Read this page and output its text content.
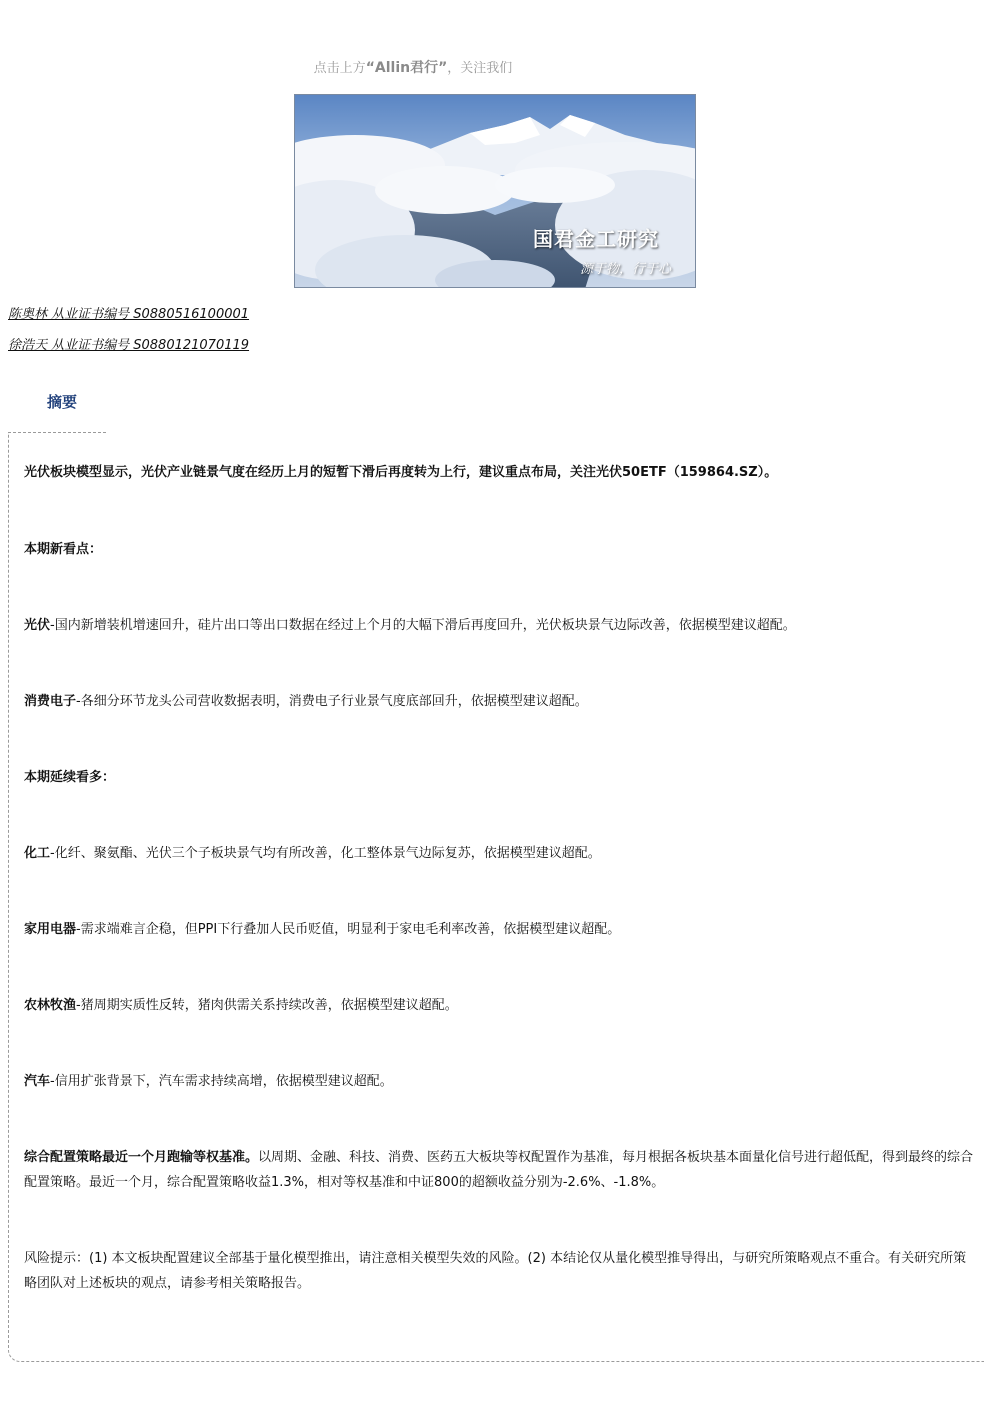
点击上方“Allin君行”，关注我们
国君金工研究
源于物，行于心
陈奥林 从业证书编号 S0880516100001
徐浩天 从业证书编号 S0880121070119
摘要
光伏板块模型显示，光伏产业链景气度在经历上月的短暂下滑后再度转为上行，建议重点布局，关注光伏50ETF（159864.SZ）。
本期新看点：
光伏-国内新增装机增速回升，硅片出口等出口数据在经过上个月的大幅下滑后再度回升，光伏板块景气边际改善，依据模型建议超配。
消费电子-各细分环节龙头公司营收数据表明，消费电子行业景气度底部回升，依据模型建议超配。
本期延续看多：
化工-化纤、聚氨酯、光伏三个子板块景气均有所改善，化工整体景气边际复苏，依据模型建议超配。
家用电器-需求端难言企稳，但PPI下行叠加人民币贬值，明显利于家电毛利率改善，依据模型建议超配。
农林牧渔-猪周期实质性反转，猪肉供需关系持续改善，依据模型建议超配。
汽车-信用扩张背景下，汽车需求持续高增，依据模型建议超配。
综合配置策略最近一个月跑输等权基准。以周期、金融、科技、消费、医药五大板块等权配置作为基准，每月根据各板块基本面量化信号进行超低配，得到最终的综合配置策略。最近一个月，综合配置策略收益1.3%，相对等权基准和中证800的超额收益分别为-2.6%、-1.8%。
风险提示：(1) 本文板块配置建议全部基于量化模型推出，请注意相关模型失效的风险。(2) 本结论仅从量化模型推导得出，与研究所策略观点不重合。有关研究所策略团队对上述板块的观点，请参考相关策略报告。
